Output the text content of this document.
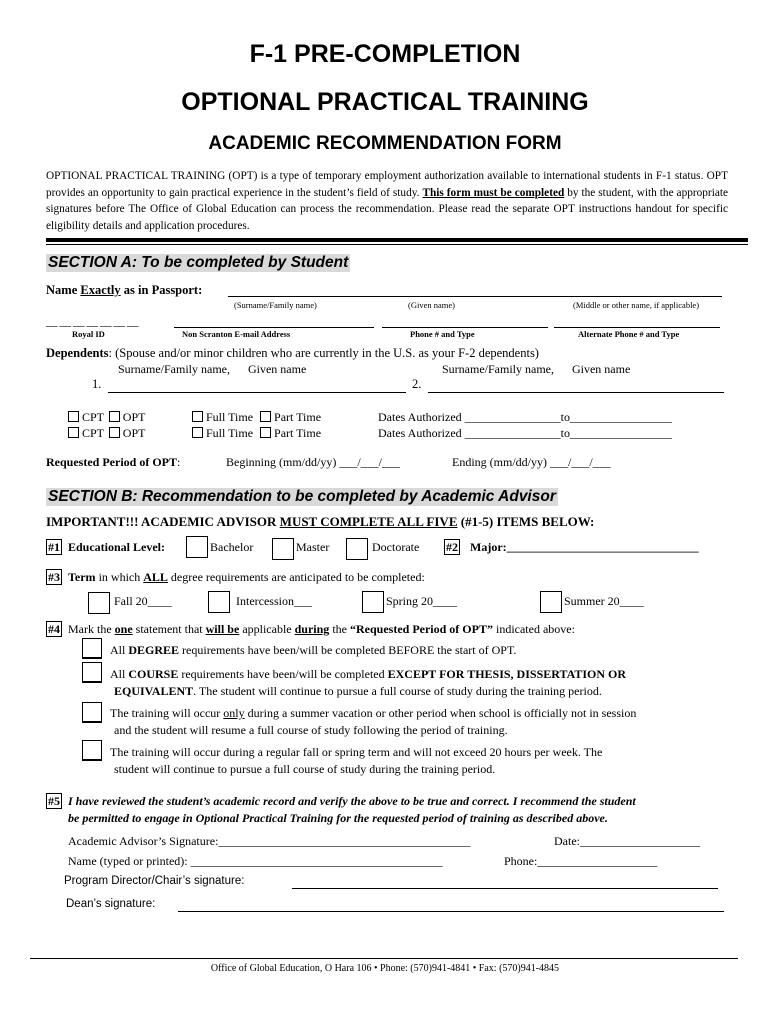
F-1 PRE-COMPLETION
OPTIONAL PRACTICAL TRAINING
ACADEMIC RECOMMENDATION FORM
OPTIONAL PRACTICAL TRAINING (OPT) is a type of temporary employment authorization available to international students in F-1 status. OPT provides an opportunity to gain practical experience in the student’s field of study. This form must be completed by the student, with the appropriate signatures before The Office of Global Education can process the recommendation. Please read the separate OPT instructions handout for specific eligibility details and application procedures.
SECTION A: To be completed by Student
Name Exactly as in Passport:
(Surname/Family name)	(Given name)	(Middle or other name, if applicable)
__ __ __ __ __ __ __
Royal ID	Non Scranton E-mail Address	Phone # and Type	Alternate Phone # and Type
Dependents: (Spouse and/or minor children who are currently in the U.S. as your F-2 dependents)
Surname/Family name,      Given name	Surname/Family name,      Given name
1.	2.
CPT OPT	Full Time Part Time	Dates Authorized ________________to_________________
CPT OPT	Full Time Part Time	Dates Authorized ________________to_________________
Requested Period of OPT:	Beginning (mm/dd/yy) ___/___/___	Ending (mm/dd/yy) ___/___/___
SECTION B: Recommendation to be completed by Academic Advisor
IMPORTANT!!! ACADEMIC ADVISOR MUST COMPLETE ALL FIVE (#1-5) ITEMS BELOW:
#1 Educational Level:	Bachelor	Master	Doctorate #2 Major:________________________________
#3 Term in which ALL degree requirements are anticipated to be completed:
Fall 20____	Intercession___	Spring 20____	Summer 20____
#4 Mark the one statement that will be applicable during the “Requested Period of OPT” indicated above:
All DEGREE requirements have been/will be completed BEFORE the start of OPT.
All COURSE requirements have been/will be completed EXCEPT FOR THESIS, DISSERTATION OR
EQUIVALENT. The student will continue to pursue a full course of study during the training period.
The training will occur only during a summer vacation or other period when school is officially not in session
and the student will resume a full course of study following the period of training.
The training will occur during a regular fall or spring term and will not exceed 20 hours per week. The
student will continue to pursue a full course of study during the training period.
#5 I have reviewed the student’s academic record and verify the above to be true and correct. I recommend the student
be permitted to engage in Optional Practical Training for the requested period of training as described above.
Academic Advisor’s Signature:__________________________________________	Date:____________________
Name (typed or printed): __________________________________________	Phone:____________________
Program Director/Chair’s signature:
Dean’s signature:
Office of Global Education, O Hara 106 • Phone: (570)941-4841 • Fax: (570)941-4845
